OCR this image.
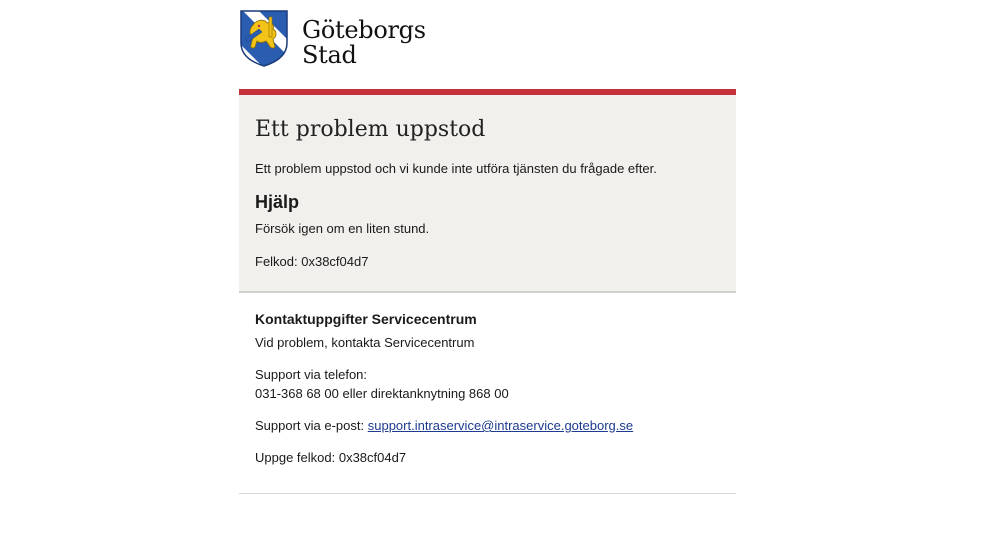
Göteborgs
Stad
Ett problem uppstod

Ett problem uppstod och vi kunde inte utföra tjänsten du frågade efter.

Hjälp

Försök igen om en liten stund.

Felkod: 0x38cf04d7

Kontaktuppgifter Servicecentrum

Vid problem, kontakta Servicecentrum

Support via telefon:

031-368 68 00 eller direktanknytning 868 00

Support via e-post: support.intraservice@intraservice.goteborg.se

Uppge felkod: 0x38cf04d7
